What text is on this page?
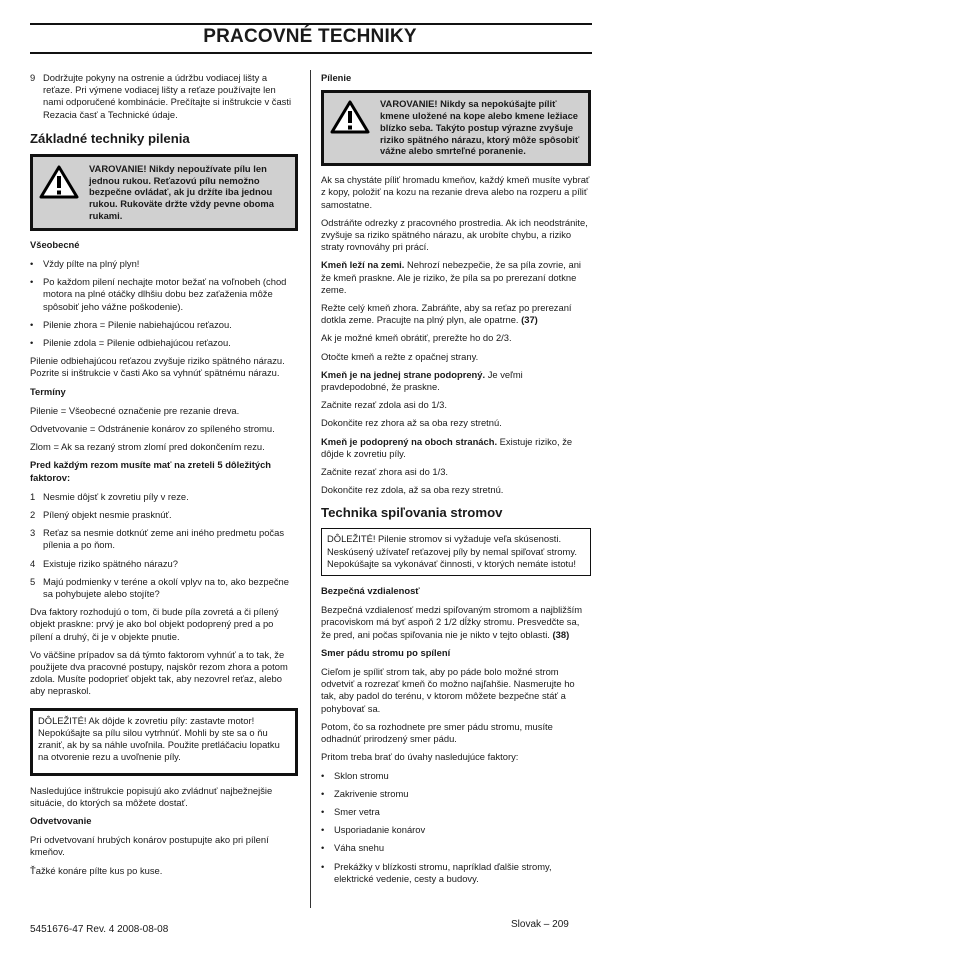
PRACOVNÉ TECHNIKY
9 Dodržujte pokyny na ostrenie a údržbu vodiacej lišty a reťaze. Pri výmene vodiacej lišty a reťaze používajte len nami odporučené kombinácie. Prečítajte si inštrukcie v časti Rezacia časť a Technické údaje.
Základné techniky pilenia
VAROVANIE! Nikdy nepoužívate pílu len jednou rukou. Reťazovú pílu nemožno bezpečne ovládať, ak ju držíte iba jednou rukou. Rukoväte držte vždy pevne oboma rukami.

Všeobecné

•	Vždy pílte na plný plyn!
•	Po každom pilení nechajte motor bežať na voľnobeh (chod motora na plné otáčky dlhšiu dobu bez zaťaženia môže spôsobiť jeho vážne poškodenie).
•	Pilenie zhora = Pilenie nabiehajúcou reťazou.
•	Pilenie zdola = Pilenie odbiehajúcou reťazou.

Pilenie odbiehajúcou reťazou zvyšuje riziko spätného nárazu. Pozrite si inštrukcie v časti Ako sa vyhnúť spätnému nárazu.

Termíny

Pilenie = Všeobecné označenie pre rezanie dreva.

Odvetvovanie = Odstránenie konárov zo spíleného stromu.

Zlom = Ak sa rezaný strom zlomí pred dokončením rezu.

Pred každým rezom musíte mať na zreteli 5 dôležitých faktorov:

1 Nesmie dôjsť k zovretiu píly v reze.
2 Pílený objekt nesmie prasknúť.
3 Reťaz sa nesmie dotknúť zeme ani iného predmetu počas pílenia a po ňom.
4 Existuje riziko spätného nárazu?
5 Majú podmienky v teréne a okolí vplyv na to, ako bezpečne sa pohybujete alebo stojíte?

Dva faktory rozhodujú o tom, či bude píla zovretá a či pílený objekt praskne: prvý je ako bol objekt podoprený pred a po pílení a druhý, či je v objekte pnutie.

Vo väčšine prípadov sa dá týmto faktorom vyhnúť a to tak, že použijete dva pracovné postupy, najskôr rezom zhora a potom zdola. Musíte podoprieť objekt tak, aby nezovrel reťaz, alebo aby nepraskol.

DÔLEŽITÉ! Ak dôjde k zovretiu píly: zastavte motor! Nepokúšajte sa pílu silou vytrhnúť. Mohli by ste sa o ňu zraniť, ak by sa náhle uvoľnila. Použite pretláčaciu lopatku na otvorenie rezu a uvoľnenie píly.

Nasledujúce inštrukcie popisujú ako zvládnuť najbežnejšie situácie, do ktorých sa môžete dostať.

Odvetvovanie

Pri odvetvovaní hrubých konárov postupujte ako pri pílení kmeňov.

Ťažké konáre pílte kus po kuse.

Pílenie

VAROVANIE! Nikdy sa nepokúšajte píliť kmene uložené na kope alebo kmene ležiace blízko seba. Takýto postup výrazne zvyšuje riziko spätného nárazu, ktorý môže spôsobiť vážne alebo smrteľné poranenie.

Ak sa chystáte píliť hromadu kmeňov, každý kmeň musíte vybrať z kopy, položiť na kozu na rezanie dreva alebo na rozperu a píliť samostatne.

Odstráňte odrezky z pracovného prostredia. Ak ich neodstránite, zvyšuje sa riziko spätného nárazu, ak urobíte chybu, a riziko straty rovnováhy pri prácí.

Kmeň leží na zemi. Nehrozí nebezpečie, že sa píla zovrie, ani že kmeň praskne. Ale je riziko, že píla sa po prerezaní dotkne zeme.

Režte celý kmeň zhora. Zabráňte, aby sa reťaz po prerezaní dotkla zeme. Pracujte na plný plyn, ale opatrne. (37)

Ak je možné kmeň obrátiť, prerežte ho do 2/3.

Otočte kmeň a režte z opačnej strany.

Kmeň je na jednej strane podoprený. Je veľmi pravdepodobné, že praskne.

Začnite rezať zdola asi do 1/3.

Dokončite rez zhora až sa oba rezy stretnú.

Kmeň je podoprený na oboch stranách. Existuje riziko, že dôjde k zovretiu píly.

Začnite rezať zhora asi do 1/3.

Dokončite rez zdola, až sa oba rezy stretnú.

Technika spiľovania stromov
DÔLEŽITÉ! Pilenie stromov si vyžaduje veľa skúsenosti. Neskúsený užívateľ reťazovej píly by nemal spiľovať stromy. Nepokúšajte sa vykonávať činnosti, v ktorých nemáte istotu!

Bezpečná vzdialenosť

Bezpečná vzdialenosť medzi spiľovaným stromom a najbližším pracoviskom má byť aspoň 2 1/2 dĺžky stromu. Presvedčte sa, že pred, ani počas spiľovania nie je nikto v tejto oblasti. (38)

Smer pádu stromu po spílení

Cieľom je spíliť strom tak, aby po páde bolo možné strom odvetviť a rozrezať kmeň čo možno najľahšie. Nasmerujte ho tak, aby padol do terénu, v ktorom môžete bezpečne stáť a pohybovať sa.

Potom, čo sa rozhodnete pre smer pádu stromu, musíte odhadnúť prirodzený smer pádu.

Pritom treba brať do úvahy nasledujúce faktory:

•	Sklon stromu
•	Zakrivenie stromu
•	Smer vetra
•	Usporiadanie konárov
•	Váha snehu
•	Prekážky v blízkosti stromu, napríklad ďalšie stromy, elektrické vedenie, cesty a budovy.
5451676-47 Rev. 4 2008-08-08	Slovak – 209
